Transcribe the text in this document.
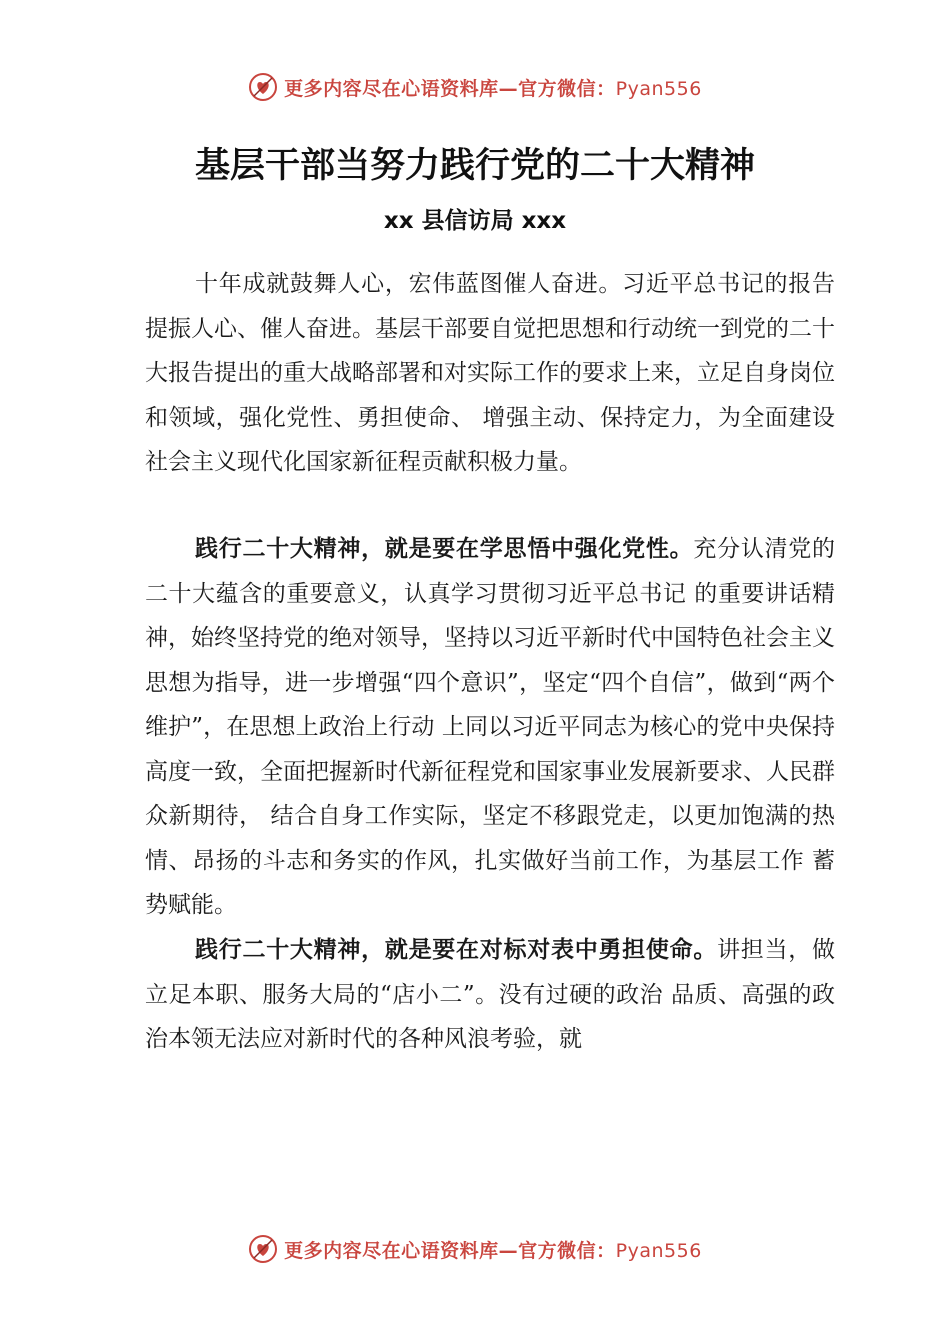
更多内容尽在心语资料库—官方微信：Pyan556
基层干部当努力践行党的二十大精神
xx 县信访局 xxx

十年成就鼓舞人心，宏伟蓝图催人奋进。习近平总书记的报告提振人心、催人奋进。基层干部要自觉把思想和行动统一到党的二十大报告提出的重大战略部署和对实际工作的要求上来，立足自身岗位和领域，强化党性、勇担使命、 增强主动、保持定力，为全面建设社会主义现代化国家新征程贡献积极力量。

践行二十大精神，就是要在学思悟中强化党性。充分认清党的二十大蕴含的重要意义，认真学习贯彻习近平总书记 的重要讲话精神，始终坚持党的绝对领导，坚持以习近平新时代中国特色社会主义思想为指导，进一步增强“四个意识”，坚定“四个自信”，做到“两个维护”，在思想上政治上行动 上同以习近平同志为核心的党中央保持高度一致，全面把握新时代新征程党和国家事业发展新要求、人民群众新期待， 结合自身工作实际，坚定不移跟党走，以更加饱满的热情、昂扬的斗志和务实的作风，扎实做好当前工作，为基层工作 蓄势赋能。

践行二十大精神，就是要在对标对表中勇担使命。讲担当，做立足本职、服务大局的“店小二”。没有过硬的政治 品质、高强的政治本领无法应对新时代的各种风浪考验，就

更多内容尽在心语资料库—官方微信：Pyan556
